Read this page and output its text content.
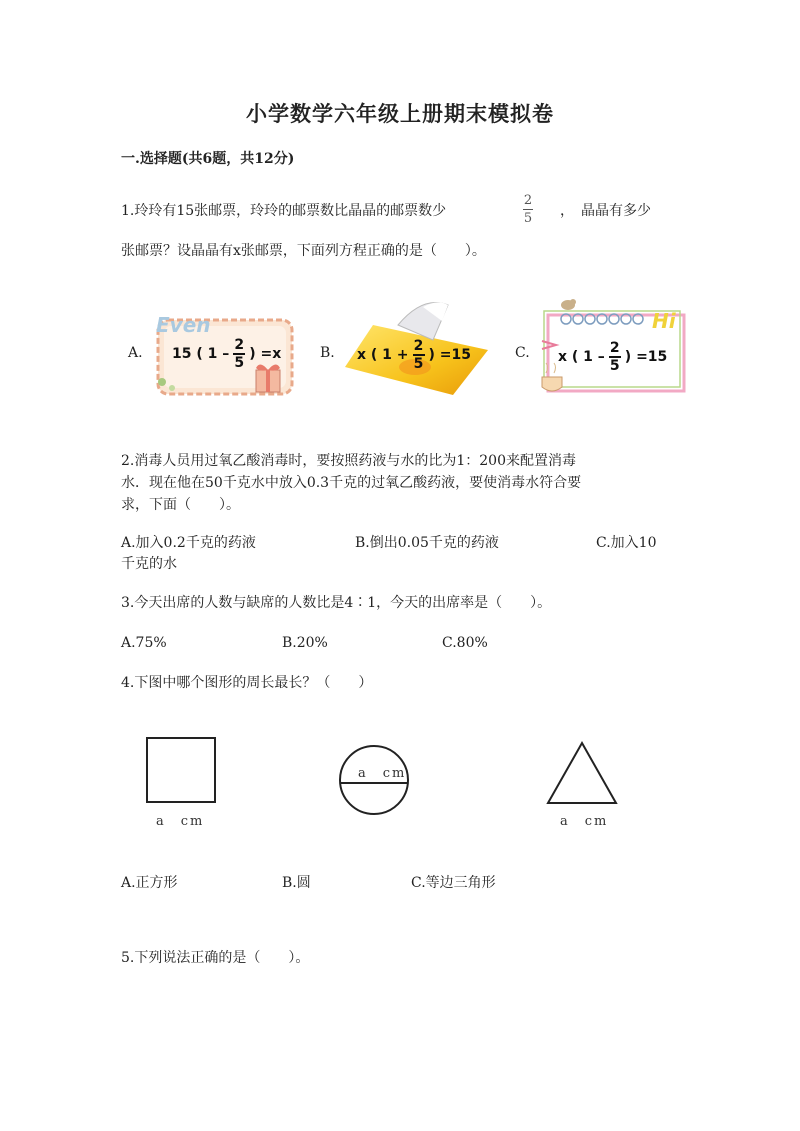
小学数学六年级上册期末模拟卷
一.选择题(共6题，共12分)
1.玲玲有15张邮票，玲玲的邮票数比晶晶的邮票数少
2
5 ，　晶晶有多少
张邮票？设晶晶有x张邮票，下面列方程正确的是（　　）。
A.
Even
15 ( 1 –
2
5
) =x	B. x ( 1 +
2
5
) =15	C.
Hi
x ( 1 –
2
5
) =15
2.消毒人员用过氧乙酸消毒时，要按照药液与水的比为1：200来配置消毒
水．现在他在50千克水中放入0.3千克的过氧乙酸药液，要使消毒水符合要
求，下面（　　）。
A.加入0.2千克的药液	B.倒出0.05千克的药液	C.加入10
千克的水
3.今天出席的人数与缺席的人数比是4∶1，今天的出席率是（　　）。
A.75%	B.20%	C.80%
4.下图中哪个图形的周长最长？（　　）
a　cm
a　cm
a　cm
A.正方形	B.圆	C.等边三角形
5.下列说法正确的是（　　）。
